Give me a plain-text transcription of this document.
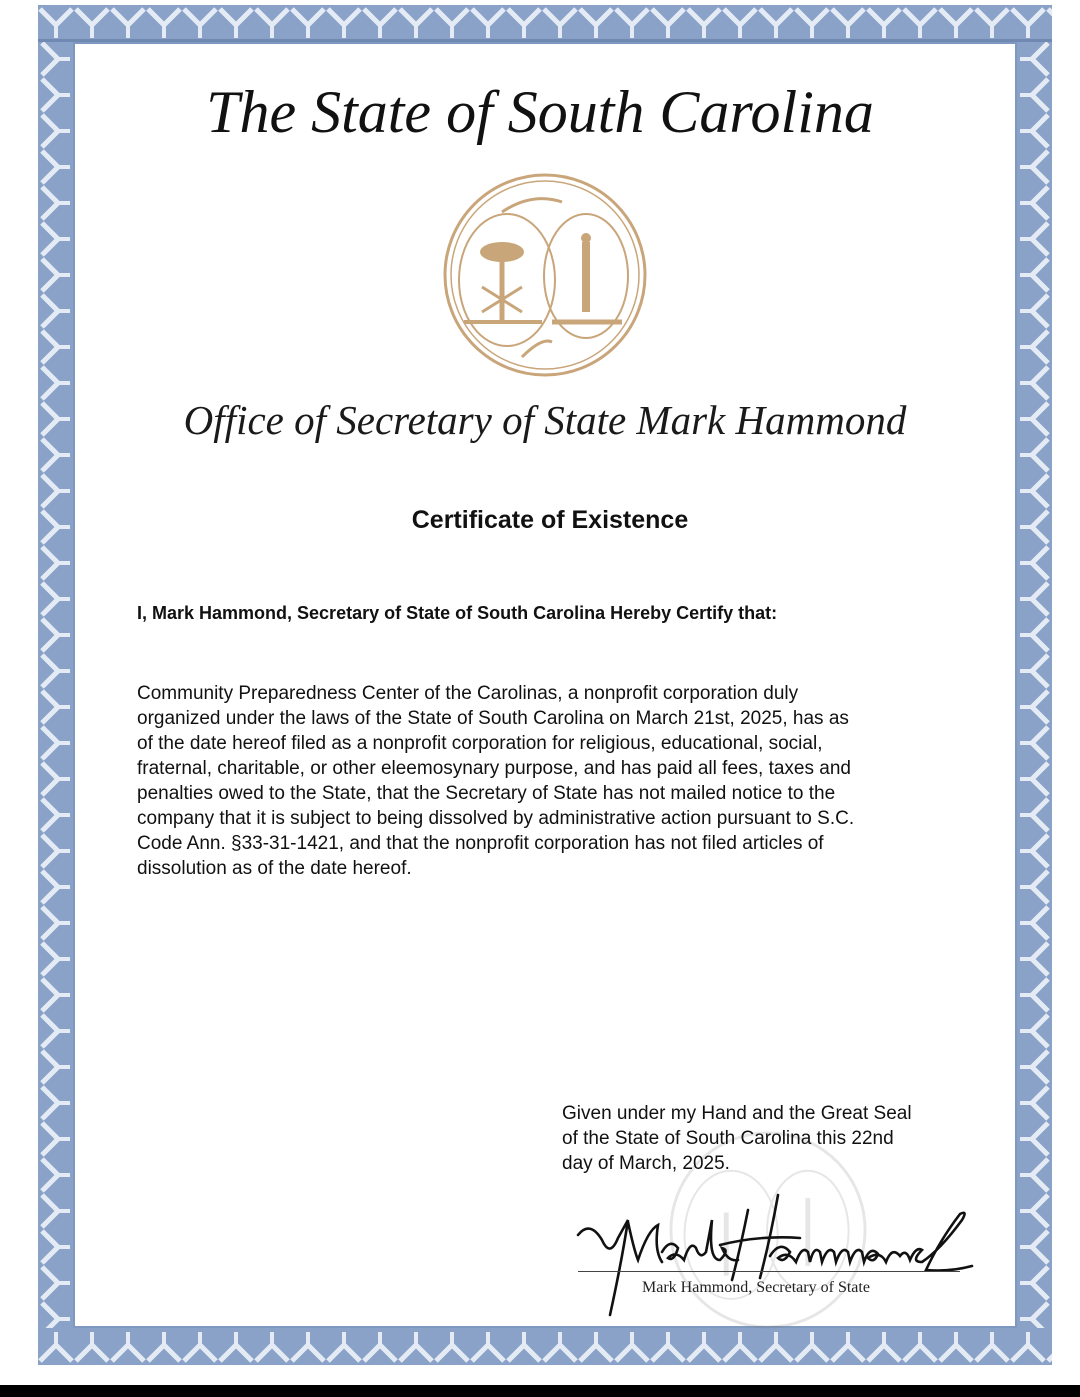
The State of South Carolina
Office of Secretary of State Mark Hammond
Certificate of Existence
I, Mark Hammond, Secretary of State of South Carolina Hereby Certify that:
Community Preparedness Center of the Carolinas, a nonprofit corporation duly
organized under the laws of the State of South Carolina on March 21st, 2025, has as
of the date hereof filed as a nonprofit corporation for religious, educational, social,
fraternal, charitable, or other eleemosynary purpose, and has paid all fees, taxes and
penalties owed to the State, that the Secretary of State has not mailed notice to the
company that it is subject to being dissolved by administrative action pursuant to S.C.
Code Ann. §33-31-1421, and that the nonprofit corporation has not filed articles of
dissolution as of the date hereof.
Given under my Hand and the Great Seal
of the State of South Carolina this 22nd
day of March, 2025.
Mark Hammond, Secretary of State
